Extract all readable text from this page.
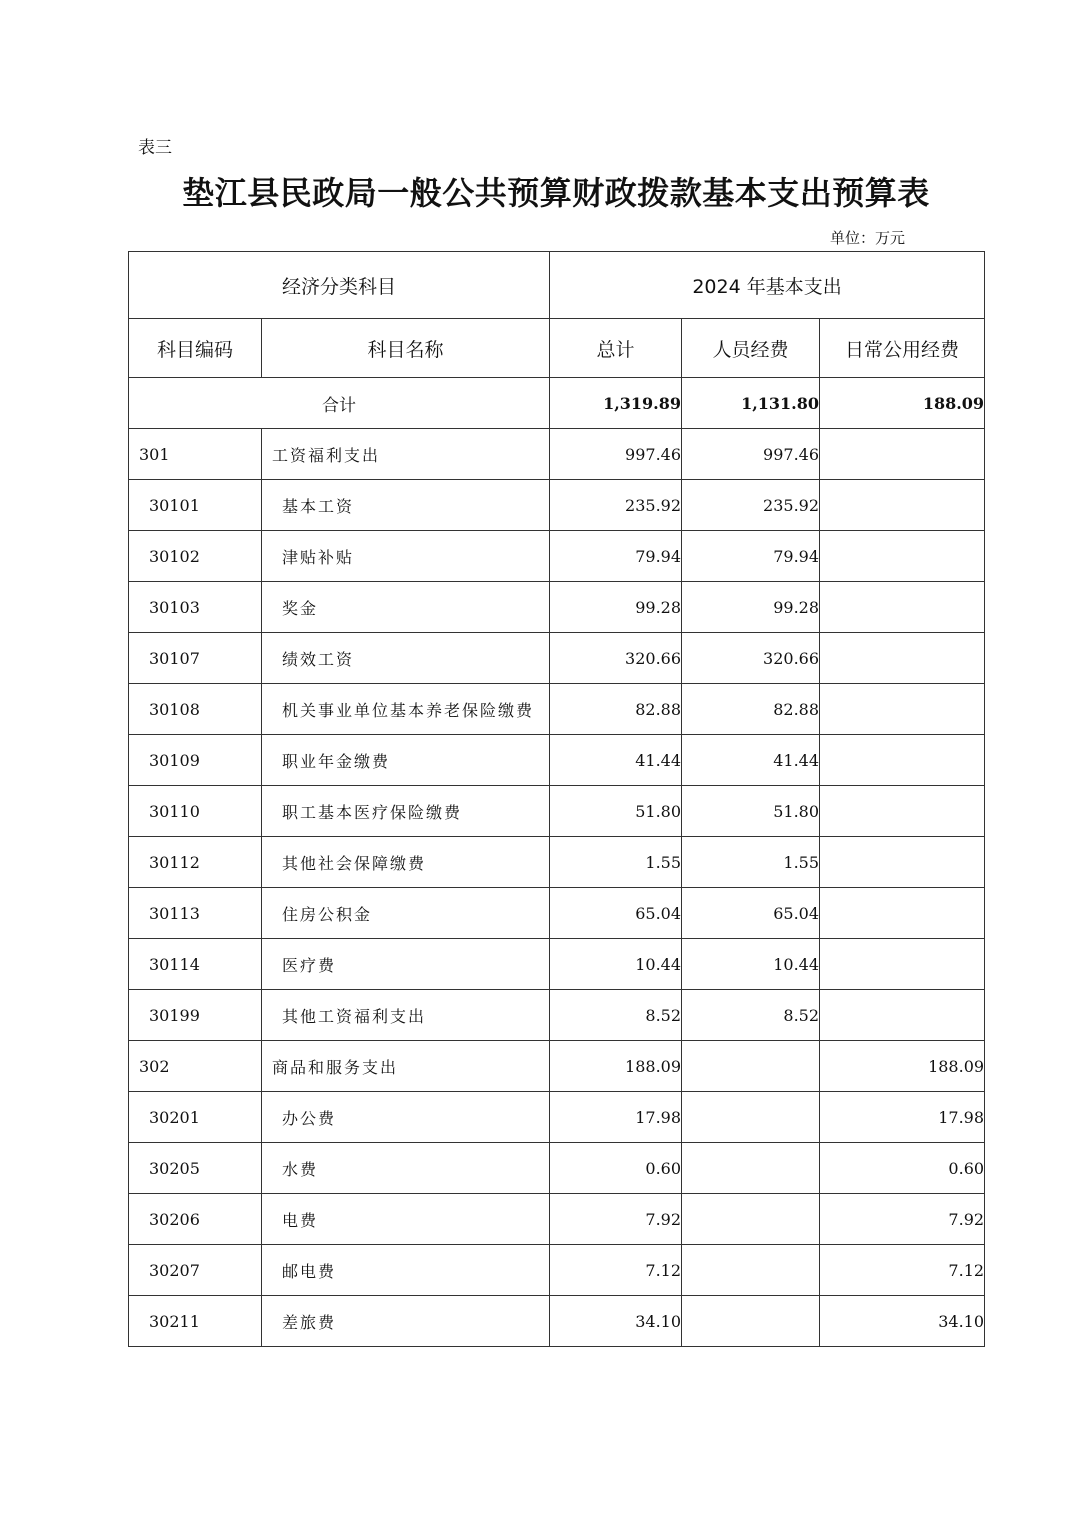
表三
垫江县民政局一般公共预算财政拨款基本支出预算表
单位：万元
经济分类科目		2024 年基本支出		
科目编码	科目名称	总计	人员经费	日常公用经费
合计		1,319.89	1,131.80	188.09
301	工资福利支出	997.46	997.46	
30101	基本工资	235.92	235.92	
30102	津贴补贴	79.94	79.94	
30103	奖金	99.28	99.28	
30107	绩效工资	320.66	320.66	
30108	机关事业单位基本养老保险缴费	82.88	82.88	
30109	职业年金缴费	41.44	41.44	
30110	职工基本医疗保险缴费	51.80	51.80	
30112	其他社会保障缴费	1.55	1.55	
30113	住房公积金	65.04	65.04	
30114	医疗费	10.44	10.44	
30199	其他工资福利支出	8.52	8.52	
302	商品和服务支出	188.09		188.09
30201	办公费	17.98		17.98
30205	水费	0.60		0.60
30206	电费	7.92		7.92
30207	邮电费	7.12		7.12
30211	差旅费	34.10		34.10
